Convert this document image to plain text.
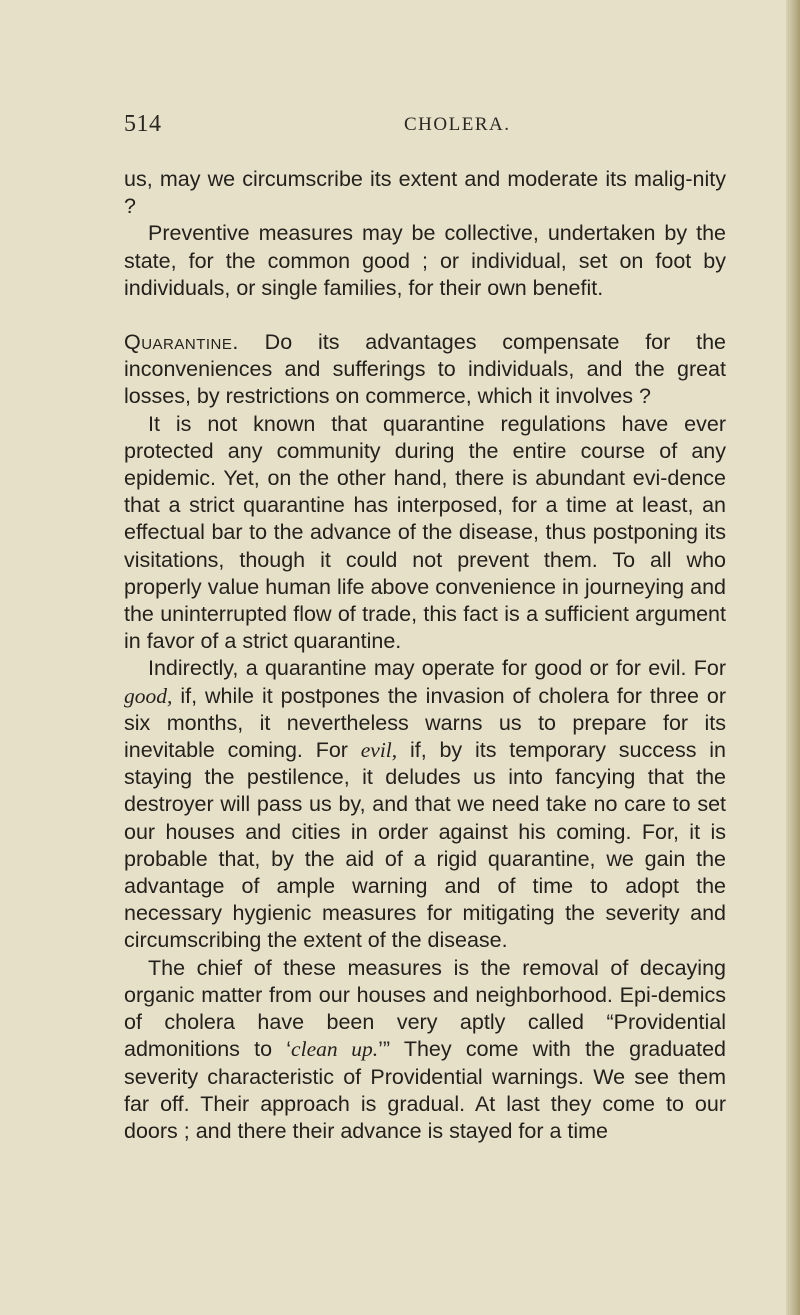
514	CHOLERA.

us, may we circumscribe its extent and moderate its malig-nity ?

Preventive measures may be collective, undertaken by the state, for the common good ; or individual, set on foot by individuals, or single families, for their own benefit.

Quarantine. Do its advantages compensate for the inconveniences and sufferings to individuals, and the great losses, by restrictions on commerce, which it involves ?

It is not known that quarantine regulations have ever protected any community during the entire course of any epidemic. Yet, on the other hand, there is abundant evi-dence that a strict quarantine has interposed, for a time at least, an effectual bar to the advance of the disease, thus postponing its visitations, though it could not prevent them. To all who properly value human life above convenience in journeying and the uninterrupted flow of trade, this fact is a sufficient argument in favor of a strict quarantine.

Indirectly, a quarantine may operate for good or for evil. For good, if, while it postpones the invasion of cholera for three or six months, it nevertheless warns us to prepare for its inevitable coming. For evil, if, by its temporary success in staying the pestilence, it deludes us into fancying that the destroyer will pass us by, and that we need take no care to set our houses and cities in order against his coming. For, it is probable that, by the aid of a rigid quarantine, we gain the advantage of ample warning and of time to adopt the necessary hygienic measures for mitigating the severity and circumscribing the extent of the disease.

The chief of these measures is the removal of decaying organic matter from our houses and neighborhood. Epi-demics of cholera have been very aptly called “Providential admonitions to ‘clean up.’” They come with the graduated severity characteristic of Providential warnings. We see them far off. Their approach is gradual. At last they come to our doors ; and there their advance is stayed for a time
